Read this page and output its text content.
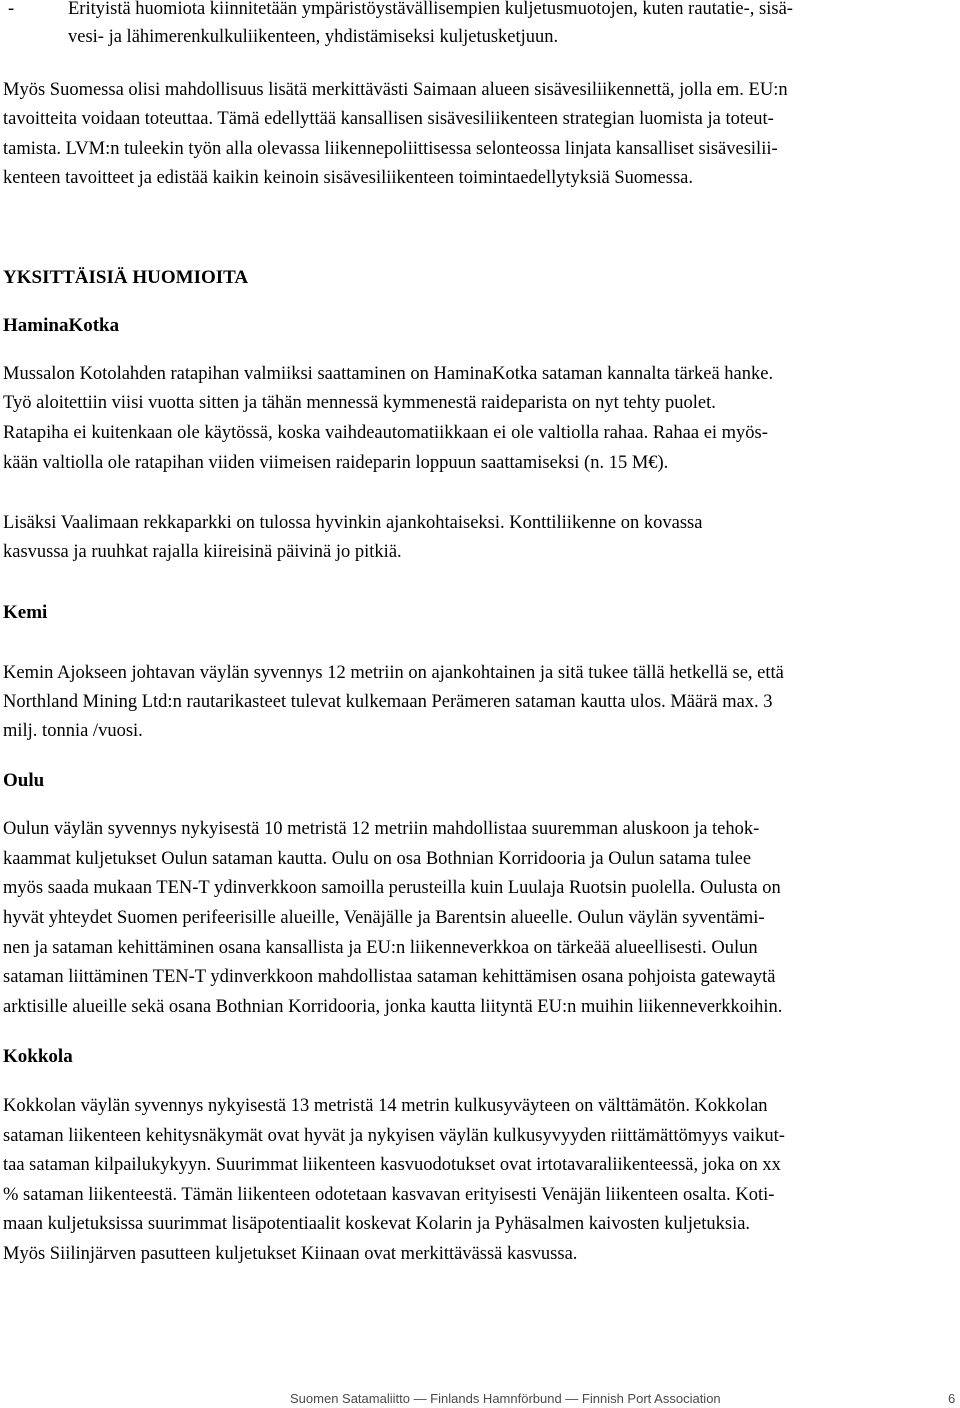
-	Erityistä huomiota kiinnitetään ympäristöystävällisempien kuljetusmuotojen, kuten rautatie-, sisä-

vesi- ja lähimerenkulkuliikenteen, yhdistämiseksi kuljetusketjuun.

Myös Suomessa olisi mahdollisuus lisätä merkittävästi Saimaan alueen sisävesiliikennettä, jolla em. EU:n

tavoitteita voidaan toteuttaa. Tämä edellyttää kansallisen sisävesiliikenteen strategian luomista ja toteut-

tamista. LVM:n tuleekin työn alla olevassa liikennepoliittisessa selonteossa linjata kansalliset sisävesilii-

kenteen tavoitteet ja edistää kaikin keinoin sisävesiliikenteen toimintaedellytyksiä Suomessa.

YKSITTÄISIÄ HUOMIOITA

HaminaKotka

Mussalon Kotolahden ratapihan valmiiksi saattaminen on HaminaKotka sataman kannalta tärkeä hanke.

Työ aloitettiin viisi vuotta sitten ja tähän mennessä kymmenestä raideparista on nyt tehty puolet.

Ratapiha ei kuitenkaan ole käytössä, koska vaihdeautomatiikkaan ei ole valtiolla rahaa. Rahaa ei myös-

kään valtiolla ole ratapihan viiden viimeisen raideparin loppuun saattamiseksi (n. 15 M€).

Lisäksi Vaalimaan rekkaparkki on tulossa hyvinkin ajankohtaiseksi. Konttiliikenne on kovassa

kasvussa ja ruuhkat rajalla kiireisinä päivinä jo pitkiä.

Kemi

Kemin Ajokseen johtavan väylän syvennys 12 metriin on ajankohtainen ja sitä tukee tällä hetkellä se, että

Northland Mining Ltd:n rautarikasteet tulevat kulkemaan Perämeren sataman kautta ulos. Määrä max. 3

milj. tonnia /vuosi.

Oulu

Oulun väylän syvennys nykyisestä 10 metristä 12 metriin mahdollistaa suuremman aluskoon ja tehok-

kaammat kuljetukset Oulun sataman kautta. Oulu on osa Bothnian Korridooria ja Oulun satama tulee

myös saada mukaan TEN-T ydinverkkoon samoilla perusteilla kuin Luulaja Ruotsin puolella. Oulusta on

hyvät yhteydet Suomen perifeerisille alueille, Venäjälle ja Barentsin alueelle. Oulun väylän syventämi-

nen ja sataman kehittäminen osana kansallista ja EU:n liikenneverkkoa on tärkeää alueellisesti. Oulun

sataman liittäminen TEN-T ydinverkkoon mahdollistaa sataman kehittämisen osana pohjoista gatewaytä

arktisille alueille sekä osana Bothnian Korridooria, jonka kautta liityntä EU:n muihin liikenneverkkoihin.

Kokkola

Kokkolan väylän syvennys nykyisestä 13 metristä 14 metrin kulkusyväyteen on välttämätön. Kokkolan

sataman liikenteen kehitysnäkymät ovat hyvät ja nykyisen väylän kulkusyvyyden riittämättömyys vaikut-

taa sataman kilpailukykyyn. Suurimmat liikenteen kasvuodotukset ovat irtotavaraliikenteessä, joka on xx

% sataman liikenteestä. Tämän liikenteen odotetaan kasvavan erityisesti Venäjän liikenteen osalta. Koti-

maan kuljetuksissa suurimmat lisäpotentiaalit koskevat Kolarin ja Pyhäsalmen kaivosten kuljetuksia.

Myös Siilinjärven pasutteen kuljetukset Kiinaan ovat merkittävässä kasvussa.

Suomen Satamaliitto — Finlands Hamnförbund — Finnish Port Association	6
